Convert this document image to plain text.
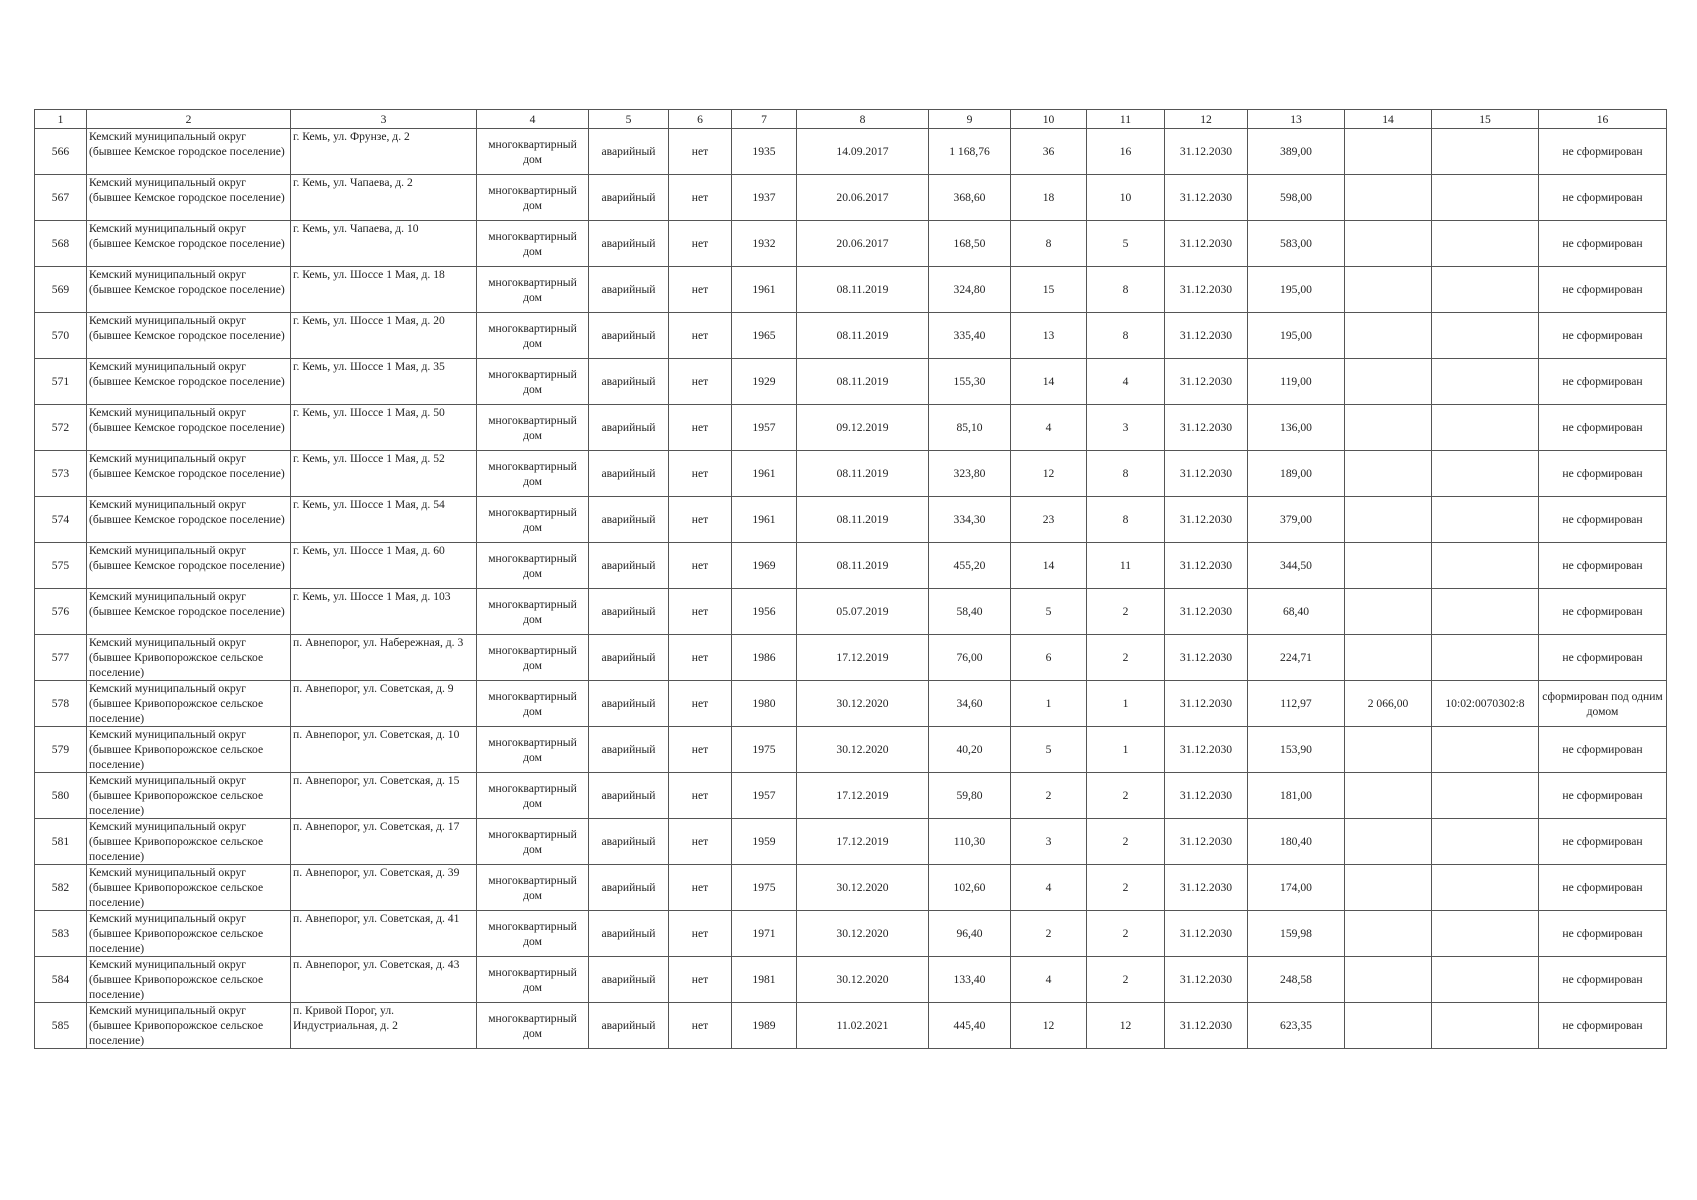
1	2	3	4	5	6	7	8	9	10	11	12	13	14	15	16
566	Кемский муниципальный округ (бывшее Кемское городское поселение)	г. Кемь, ул. Фрунзе, д. 2	многоквартирный дом	аварийный	нет	1935	14.09.2017	1 168,76	36	16	31.12.2030	389,00			не сформирован
567	Кемский муниципальный округ (бывшее Кемское городское поселение)	г. Кемь, ул. Чапаева, д. 2	многоквартирный дом	аварийный	нет	1937	20.06.2017	368,60	18	10	31.12.2030	598,00			не сформирован
568	Кемский муниципальный округ (бывшее Кемское городское поселение)	г. Кемь, ул. Чапаева, д. 10	многоквартирный дом	аварийный	нет	1932	20.06.2017	168,50	8	5	31.12.2030	583,00			не сформирован
569	Кемский муниципальный округ (бывшее Кемское городское поселение)	г. Кемь, ул. Шоссе 1 Мая, д. 18	многоквартирный дом	аварийный	нет	1961	08.11.2019	324,80	15	8	31.12.2030	195,00			не сформирован
570	Кемский муниципальный округ (бывшее Кемское городское поселение)	г. Кемь, ул. Шоссе 1 Мая, д. 20	многоквартирный дом	аварийный	нет	1965	08.11.2019	335,40	13	8	31.12.2030	195,00			не сформирован
571	Кемский муниципальный округ (бывшее Кемское городское поселение)	г. Кемь, ул. Шоссе 1 Мая, д. 35	многоквартирный дом	аварийный	нет	1929	08.11.2019	155,30	14	4	31.12.2030	119,00			не сформирован
572	Кемский муниципальный округ (бывшее Кемское городское поселение)	г. Кемь, ул. Шоссе 1 Мая, д. 50	многоквартирный дом	аварийный	нет	1957	09.12.2019	85,10	4	3	31.12.2030	136,00			не сформирован
573	Кемский муниципальный округ (бывшее Кемское городское поселение)	г. Кемь, ул. Шоссе 1 Мая, д. 52	многоквартирный дом	аварийный	нет	1961	08.11.2019	323,80	12	8	31.12.2030	189,00			не сформирован
574	Кемский муниципальный округ (бывшее Кемское городское поселение)	г. Кемь, ул. Шоссе 1 Мая, д. 54	многоквартирный дом	аварийный	нет	1961	08.11.2019	334,30	23	8	31.12.2030	379,00			не сформирован
575	Кемский муниципальный округ (бывшее Кемское городское поселение)	г. Кемь, ул. Шоссе 1 Мая, д. 60	многоквартирный дом	аварийный	нет	1969	08.11.2019	455,20	14	11	31.12.2030	344,50			не сформирован
576	Кемский муниципальный округ (бывшее Кемское городское поселение)	г. Кемь, ул. Шоссе 1 Мая, д. 103	многоквартирный дом	аварийный	нет	1956	05.07.2019	58,40	5	2	31.12.2030	68,40			не сформирован
577	Кемский муниципальный округ (бывшее Кривопорожское сельское поселение)	п. Авнепорог, ул. Набережная, д. 3	многоквартирный дом	аварийный	нет	1986	17.12.2019	76,00	6	2	31.12.2030	224,71			не сформирован
578	Кемский муниципальный округ (бывшее Кривопорожское сельское поселение)	п. Авнепорог, ул. Советская, д. 9	многоквартирный дом	аварийный	нет	1980	30.12.2020	34,60	1	1	31.12.2030	112,97	2 066,00	10:02:0070302:8	сформирован под одним домом
579	Кемский муниципальный округ (бывшее Кривопорожское сельское поселение)	п. Авнепорог, ул. Советская, д. 10	многоквартирный дом	аварийный	нет	1975	30.12.2020	40,20	5	1	31.12.2030	153,90			не сформирован
580	Кемский муниципальный округ (бывшее Кривопорожское сельское поселение)	п. Авнепорог, ул. Советская, д. 15	многоквартирный дом	аварийный	нет	1957	17.12.2019	59,80	2	2	31.12.2030	181,00			не сформирован
581	Кемский муниципальный округ (бывшее Кривопорожское сельское поселение)	п. Авнепорог, ул. Советская, д. 17	многоквартирный дом	аварийный	нет	1959	17.12.2019	110,30	3	2	31.12.2030	180,40			не сформирован
582	Кемский муниципальный округ (бывшее Кривопорожское сельское поселение)	п. Авнепорог, ул. Советская, д. 39	многоквартирный дом	аварийный	нет	1975	30.12.2020	102,60	4	2	31.12.2030	174,00			не сформирован
583	Кемский муниципальный округ (бывшее Кривопорожское сельское поселение)	п. Авнепорог, ул. Советская, д. 41	многоквартирный дом	аварийный	нет	1971	30.12.2020	96,40	2	2	31.12.2030	159,98			не сформирован
584	Кемский муниципальный округ (бывшее Кривопорожское сельское поселение)	п. Авнепорог, ул. Советская, д. 43	многоквартирный дом	аварийный	нет	1981	30.12.2020	133,40	4	2	31.12.2030	248,58			не сформирован
585	Кемский муниципальный округ (бывшее Кривопорожское сельское поселение)	п. Кривой Порог, ул. Индустриальная, д. 2	многоквартирный дом	аварийный	нет	1989	11.02.2021	445,40	12	12	31.12.2030	623,35			не сформирован
